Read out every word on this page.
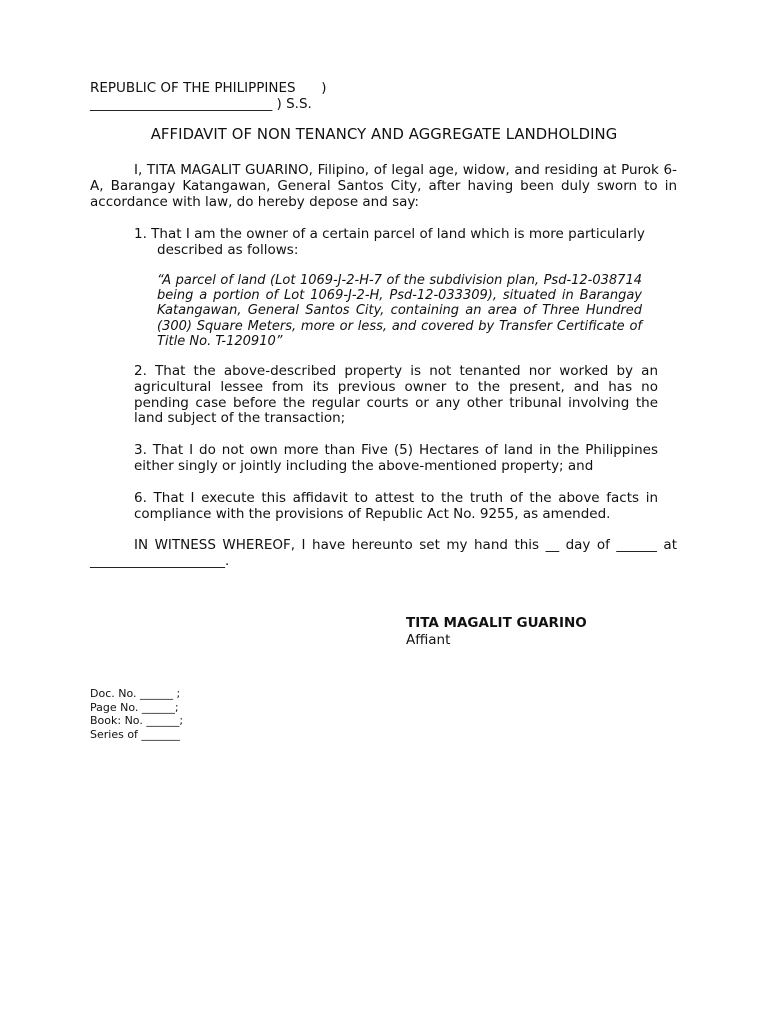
REPUBLIC OF THE PHILIPPINES      )
___________________________ ) S.S.
AFFIDAVIT OF NON TENANCY AND AGGREGATE LANDHOLDING

I, TITA MAGALIT GUARINO, Filipino, of legal age, widow, and residing at Purok 6-A, Barangay Katangawan, General Santos City, after having been duly sworn to in accordance with law, do hereby depose and say:

1. That I am the owner of a certain parcel of land which is more particularly described as follows:

“A parcel of land (Lot 1069-J-2-H-7 of the subdivision plan, Psd-12-038714 being a portion of Lot 1069-J-2-H, Psd-12-033309), situated in Barangay Katangawan, General Santos City, containing an area of Three Hundred (300) Square Meters, more or less, and covered by Transfer Certificate of Title No. T-120910”

2. That the above-described property is not tenanted nor worked by an agricultural lessee from its previous owner to the present, and has no pending case before the regular courts or any other tribunal involving the land subject of the transaction;

3. That I do not own more than Five (5) Hectares of land in the Philippines either singly or jointly including the above-mentioned property; and

6. That I execute this affidavit to attest to the truth of the above facts in compliance with the provisions of Republic Act No. 9255, as amended.

IN WITNESS WHEREOF, I have hereunto set my hand this __ day of ______ at ____________________.

TITA MAGALIT GUARINO
Affiant
Doc. No. ______ ;
Page No. ______;
Book: No. ______;
Series of _______
